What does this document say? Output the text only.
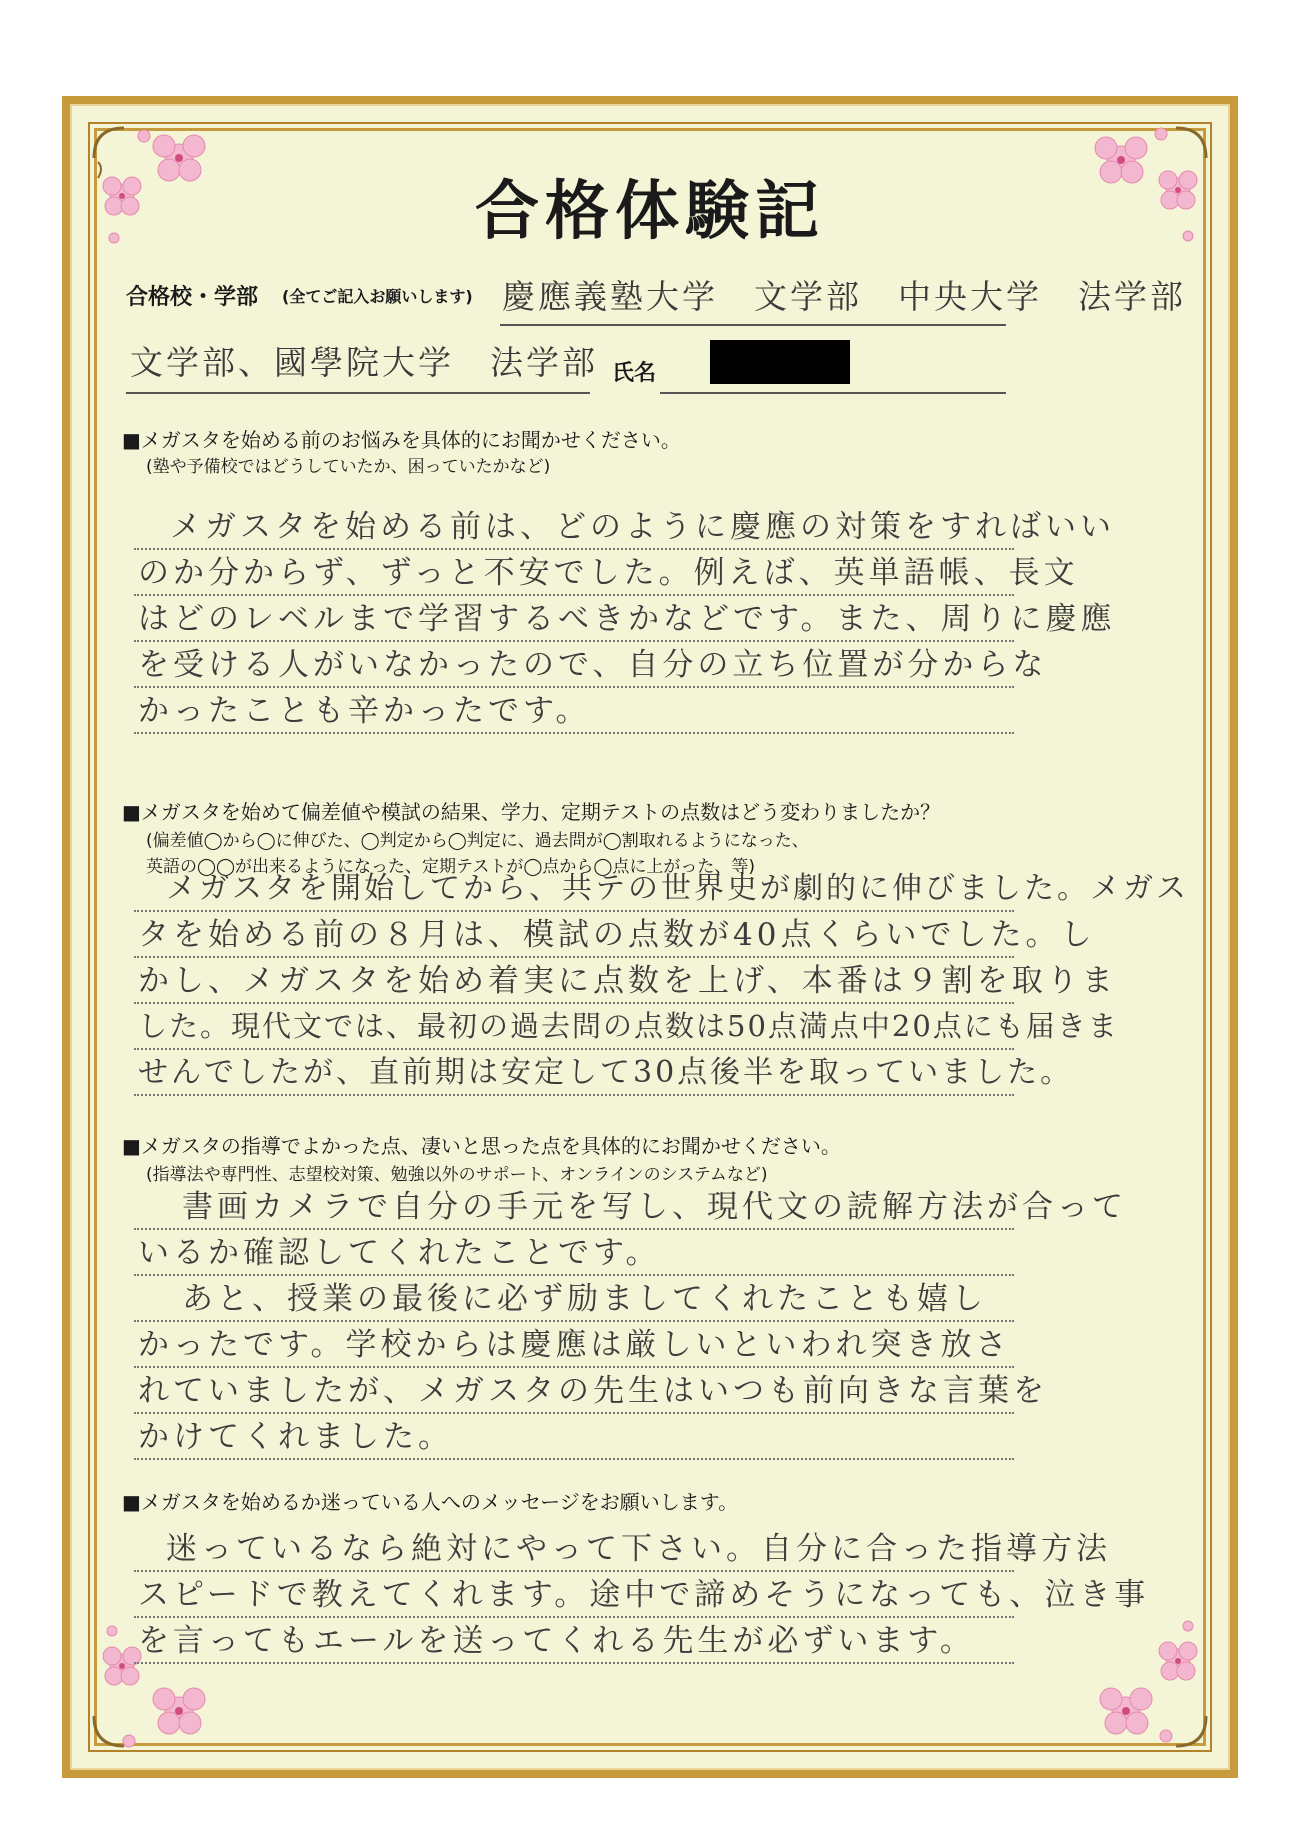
合格体験記
合格校・学部 (全てご記入お願いします) 慶應義塾大学　文学部　中央大学　法学部
文学部、國學院大学　法学部 氏名
■メガスタを始める前のお悩みを具体的にお聞かせください。
(塾や予備校ではどうしていたか、困っていたかなど)
メガスタを始める前は、どのように慶應の対策をすればいい
のか分からず、ずっと不安でした。例えば、英単語帳、長文
はどのレベルまで学習するべきかなどです。また、周りに慶應
を受ける人がいなかったので、自分の立ち位置が分からな
かったことも辛かったです。
■メガスタを始めて偏差値や模試の結果、学力、定期テストの点数はどう変わりましたか？
(偏差値◯から◯に伸びた、◯判定から◯判定に、過去問が◯割取れるようになった、
英語の◯◯が出来るようになった、定期テストが◯点から◯点に上がった、等)
メガスタを開始してから、共テの世界史が劇的に伸びました。メガス
タを始める前の８月は、模試の点数が40点くらいでした。し
かし、メガスタを始め着実に点数を上げ、本番は９割を取りま
した。現代文では、最初の過去問の点数は50点満点中20点にも届きま
せんでしたが、直前期は安定して30点後半を取っていました。
■メガスタの指導でよかった点、凄いと思った点を具体的にお聞かせください。
(指導法や専門性、志望校対策、勉強以外のサポート、オンラインのシステムなど)
書画カメラで自分の手元を写し、現代文の読解方法が合って
いるか確認してくれたことです。
あと、授業の最後に必ず励ましてくれたことも嬉し
かったです。学校からは慶應は厳しいといわれ突き放さ
れていましたが、メガスタの先生はいつも前向きな言葉を
かけてくれました。
■メガスタを始めるか迷っている人へのメッセージをお願いします。
迷っているなら絶対にやって下さい。自分に合った指導方法
スピードで教えてくれます。途中で諦めそうになっても、泣き事
を言ってもエールを送ってくれる先生が必ずいます。
